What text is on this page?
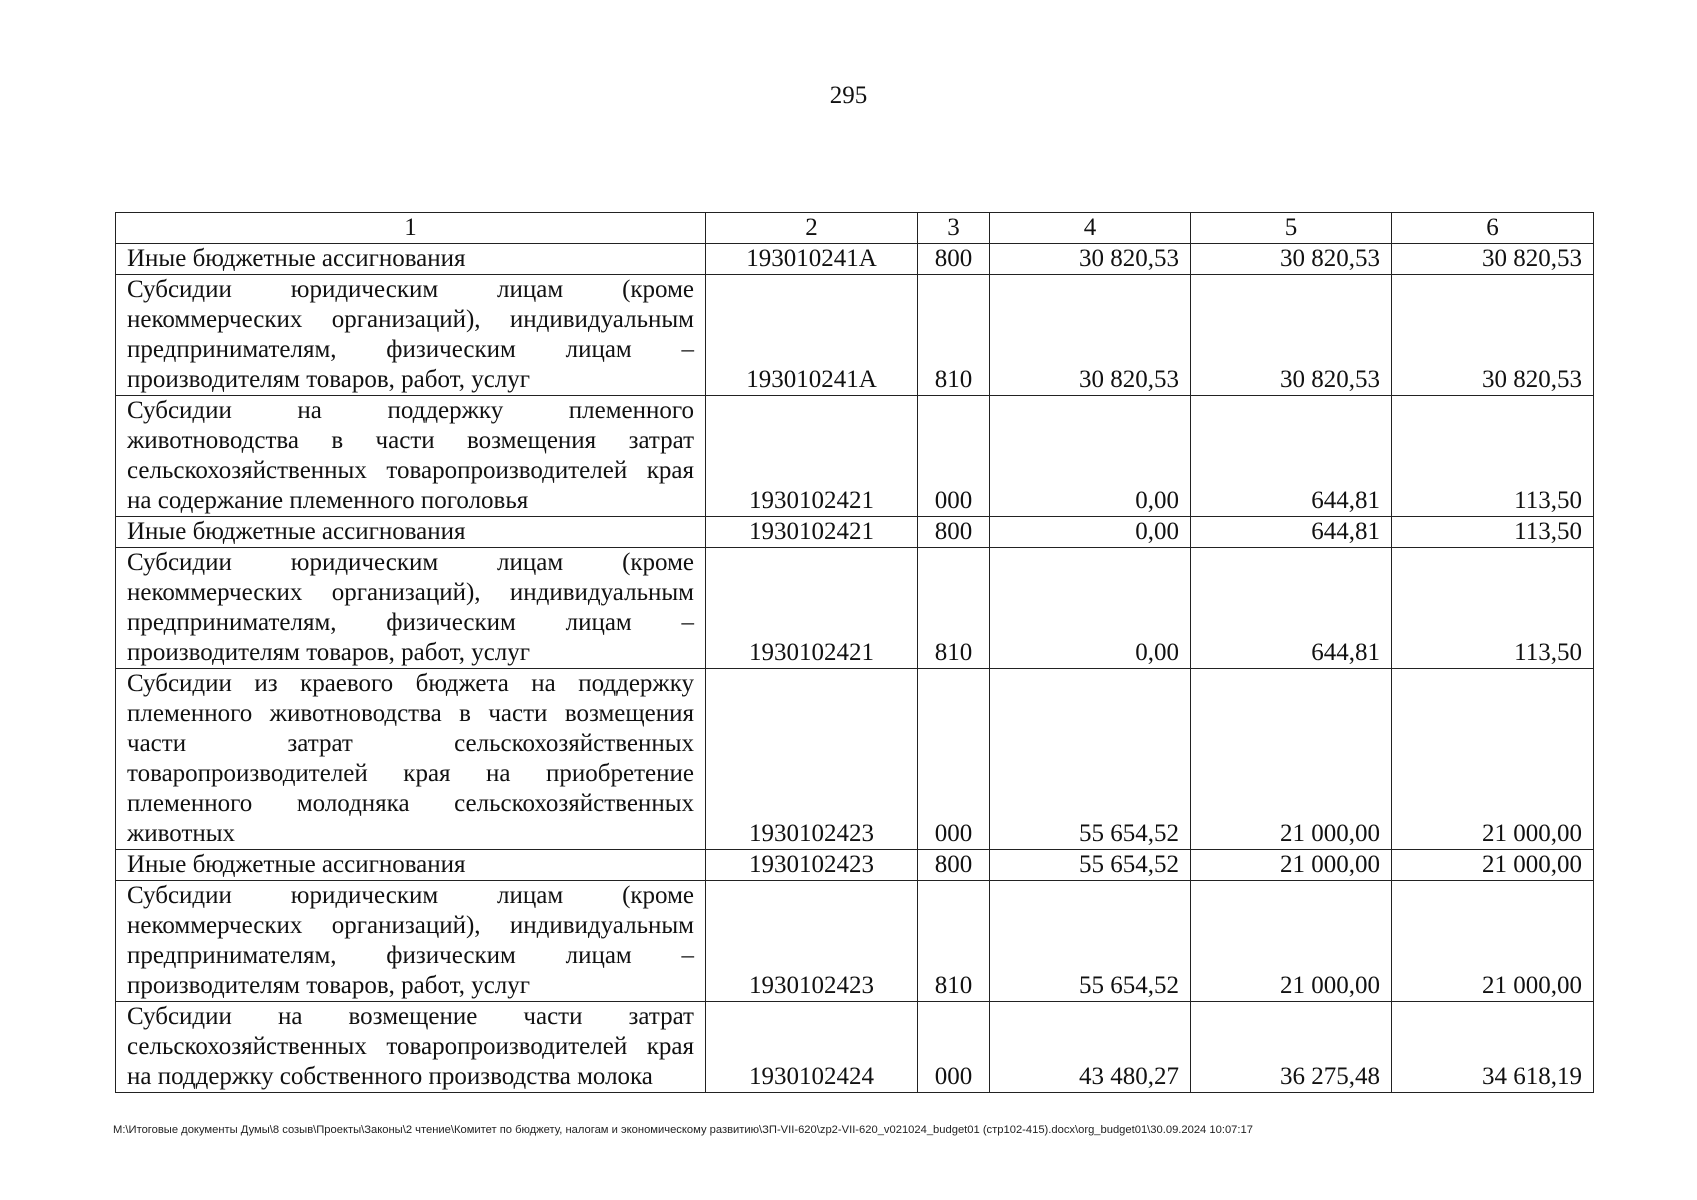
295
1	2	3	4	5	6
Иные бюджетные ассигнования	193010241А	800	30 820,53	30 820,53	30 820,53
Субсидии юридическим лицам (кроме некоммерческих организаций), индивидуальным предпринимателям, физическим лицам – производителям товаров, работ, услуг	193010241А	810	30 820,53	30 820,53	30 820,53
Субсидии на поддержку племенного животноводства в части возмещения затрат сельскохозяйственных товаропроизводителей края на содержание племенного поголовья	1930102421	000	0,00	644,81	113,50
Иные бюджетные ассигнования	1930102421	800	0,00	644,81	113,50
Субсидии юридическим лицам (кроме некоммерческих организаций), индивидуальным предпринимателям, физическим лицам – производителям товаров, работ, услуг	1930102421	810	0,00	644,81	113,50
Субсидии из краевого бюджета на поддержку племенного животноводства в части возмещения части затрат сельскохозяйственных товаропроизводителей края на приобретение племенного молодняка сельскохозяйственных животных	1930102423	000	55 654,52	21 000,00	21 000,00
Иные бюджетные ассигнования	1930102423	800	55 654,52	21 000,00	21 000,00
Субсидии юридическим лицам (кроме некоммерческих организаций), индивидуальным предпринимателям, физическим лицам – производителям товаров, работ, услуг	1930102423	810	55 654,52	21 000,00	21 000,00
Субсидии на возмещение части затрат сельскохозяйственных товаропроизводителей края на поддержку собственного производства молока	1930102424	000	43 480,27	36 275,48	34 618,19
M:\Итоговые документы Думы\8 созыв\Проекты\Законы\2 чтение\Комитет по бюджету, налогам и экономическому развитию\ЗП-VII-620\zp2-VII-620_v021024_budget01 (стр102-415).docx\org_budget01\30.09.2024 10:07:17
